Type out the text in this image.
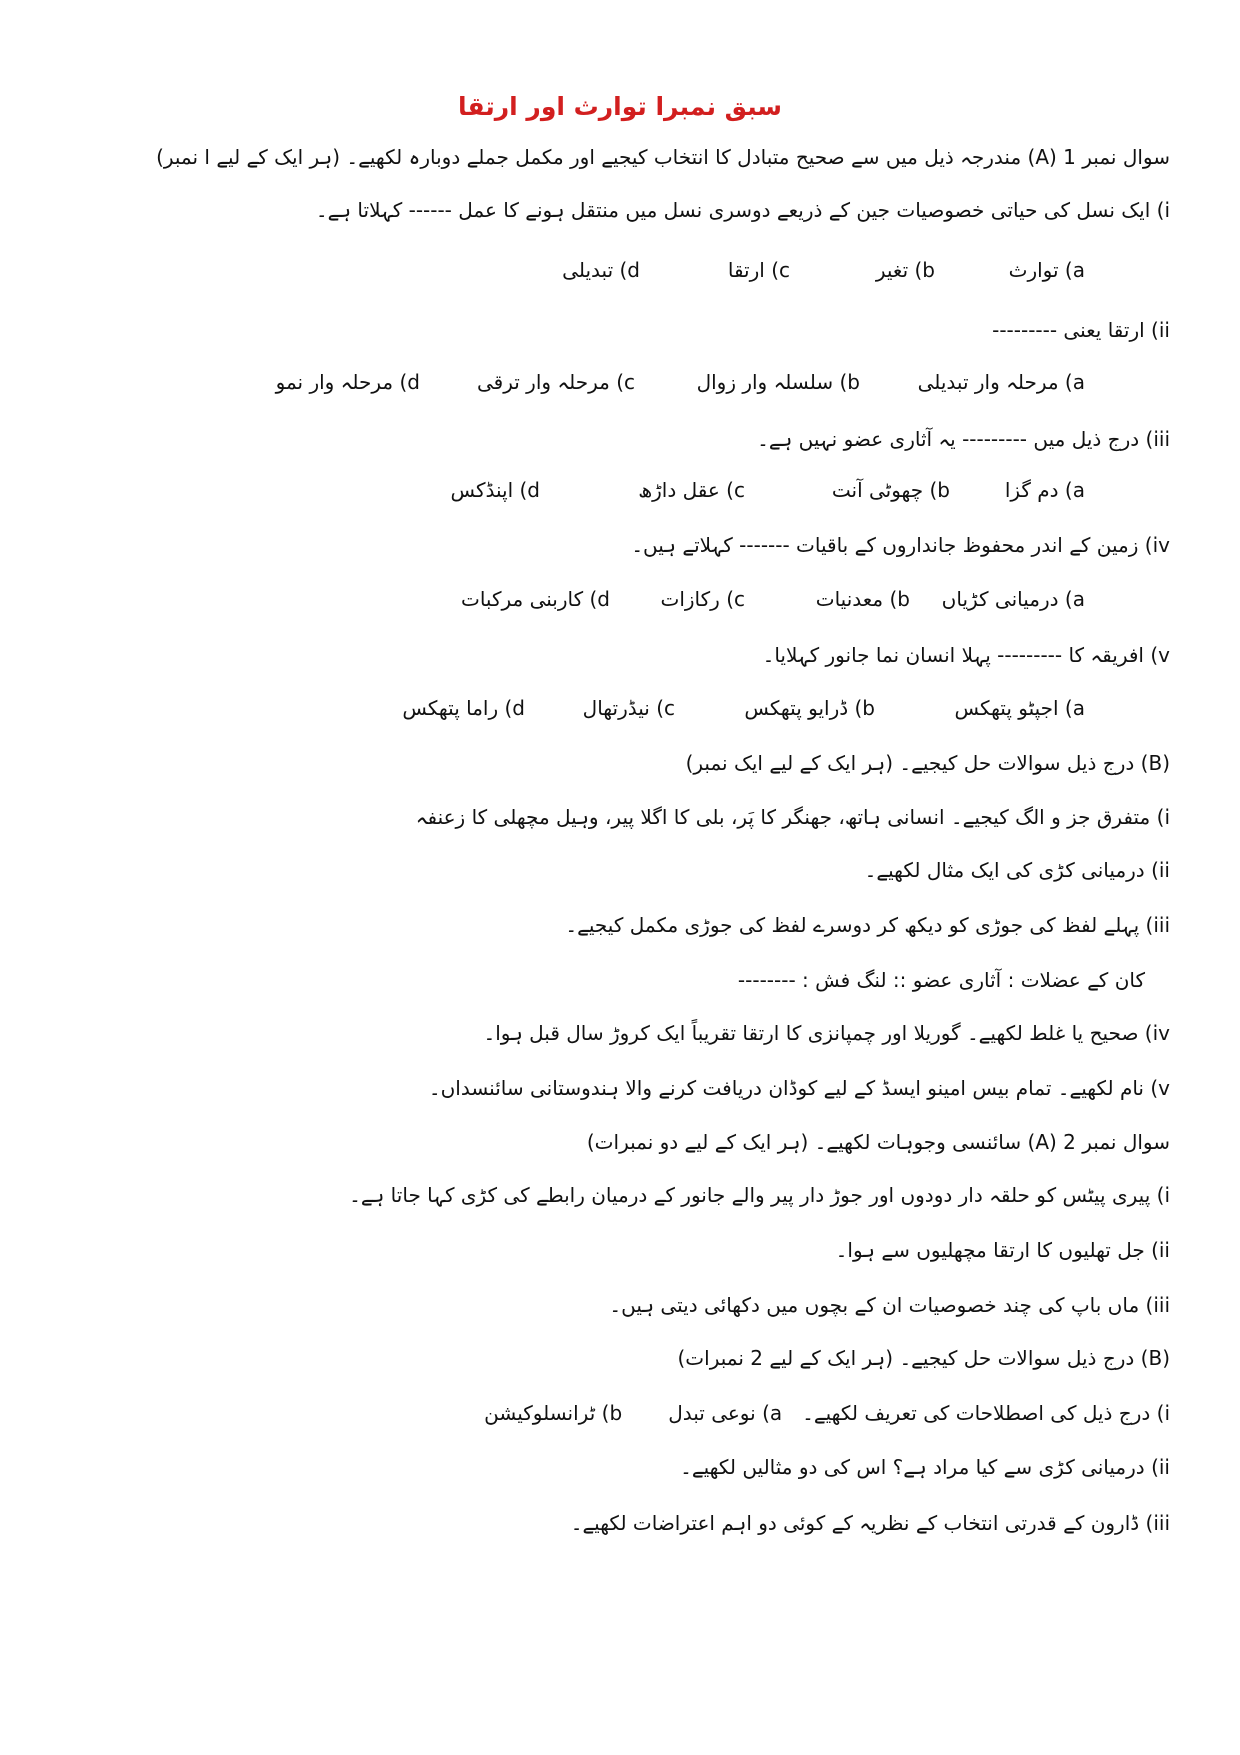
سبق نمبرا توارث اور ارتقا
سوال نمبر 1 (A) مندرجہ ذیل میں سے صحیح متبادل کا انتخاب کیجیے اور مکمل جملے دوبارہ لکھیے۔ (ہر ایک کے لیے ا نمبر)
i) ایک نسل کی حیاتی خصوصیات جین کے ذریعے دوسری نسل میں منتقل ہونے کا عمل ------ کہلاتا ہے۔
a) توارث
b) تغیر
c) ارتقا
d) تبدیلی
ii) ارتقا یعنی ---------
a) مرحلہ وار تبدیلی
b) سلسلہ وار زوال
c) مرحلہ وار ترقی
d) مرحلہ وار نمو
iii) درج ذیل میں --------- یہ آثاری عضو نہیں ہے۔
a) دم گزا
b) چھوٹی آنت
c) عقل داڑھ
d) اپنڈکس
iv) زمین کے اندر محفوظ جانداروں کے باقیات ------- کہلاتے ہیں۔
a) درمیانی کڑیاں
b) معدنیات
c) رکازات
d) کاربنی مرکبات
v) افریقہ کا --------- پہلا انسان نما جانور کہلایا۔
a) اجپٹو پتھکس
b) ڈرایو پتھکس
c) نیڈرتھال
d) راما پتھکس
(B) درج ذیل سوالات حل کیجیے۔ (ہر ایک کے لیے ایک نمبر)
i) متفرق جز و الگ کیجیے۔ انسانی ہاتھ، جھنگر کا پَر، بلی کا اگلا پیر، وہیل مچھلی کا زعنفہ
ii) درمیانی کڑی کی ایک مثال لکھیے۔
iii) پہلے لفظ کی جوڑی کو دیکھ کر دوسرے لفظ کی جوڑی مکمل کیجیے۔
کان کے عضلات : آثاری عضو :: لنگ فش : --------
iv) صحیح یا غلط لکھیے۔ گوریلا اور چمپانزی کا ارتقا تقریباً ایک کروڑ سال قبل ہوا۔
v) نام لکھیے۔ تمام بیس امینو ایسڈ کے لیے کوڈان دریافت کرنے والا ہندوستانی سائنسداں۔
سوال نمبر 2 (A) سائنسی وجوہات لکھیے۔ (ہر ایک کے لیے دو نمبرات)
i) پیری پیٹس کو حلقہ دار دودوں اور جوڑ دار پیر والے جانور کے درمیان رابطے کی کڑی کہا جاتا ہے۔
ii) جل تھلیوں کا ارتقا مچھلیوں سے ہوا۔
iii) ماں باپ کی چند خصوصیات ان کے بچوں میں دکھائی دیتی ہیں۔
(B) درج ذیل سوالات حل کیجیے۔ (ہر ایک کے لیے 2 نمبرات)
i) درج ذیل کی اصطلاحات کی تعریف لکھیے۔
a) نوعی تبدل
b) ٹرانسلوکیشن
ii) درمیانی کڑی سے کیا مراد ہے؟ اس کی دو مثالیں لکھیے۔
iii) ڈارون کے قدرتی انتخاب کے نظریہ کے کوئی دو اہم اعتراضات لکھیے۔
